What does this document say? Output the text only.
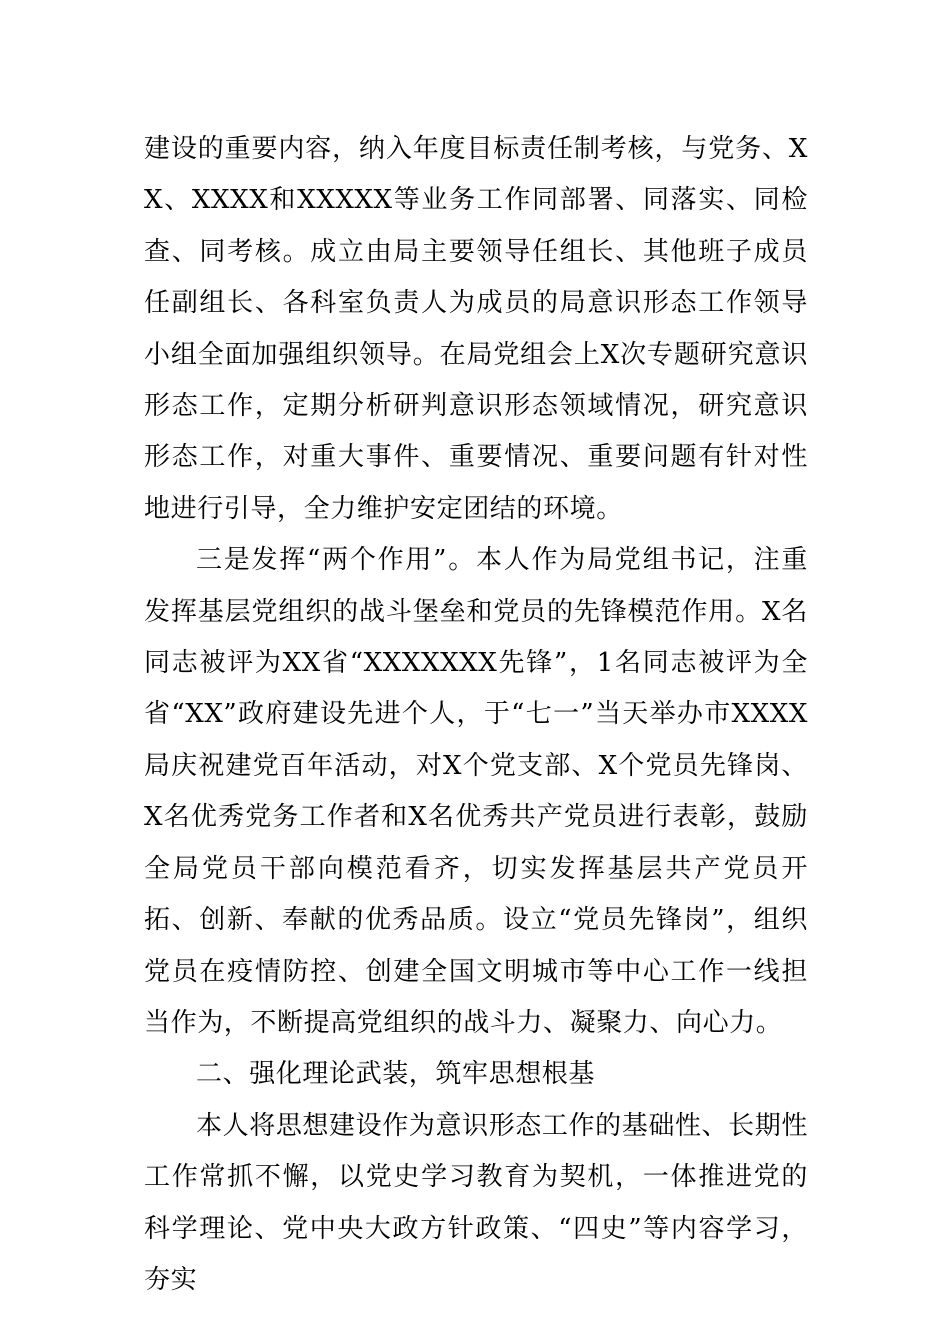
建设的重要内容，纳入年度目标责任制考核，与党务、XX、XXXX和XXXXX等业务工作同部署、同落实、同检查、同考核。成立由局主要领导任组长、其他班子成员任副组长、各科室负责人为成员的局意识形态工作领导小组全面加强组织领导。在局党组会上X次专题研究意识形态工作，定期分析研判意识形态领域情况，研究意识形态工作，对重大事件、重要情况、重要问题有针对性地进行引导，全力维护安定团结的环境。

三是发挥“两个作用”。本人作为局党组书记，注重发挥基层党组织的战斗堡垒和党员的先锋模范作用。X名同志被评为XX省“XXXXXXX先锋”，1名同志被评为全省“XX”政府建设先进个人，于“七一”当天举办市XXXX局庆祝建党百年活动，对X个党支部、X个党员先锋岗、X名优秀党务工作者和X名优秀共产党员进行表彰，鼓励全局党员干部向模范看齐，切实发挥基层共产党员开拓、创新、奉献的优秀品质。设立“党员先锋岗”，组织党员在疫情防控、创建全国文明城市等中心工作一线担当作为，不断提高党组织的战斗力、凝聚力、向心力。

二、强化理论武装，筑牢思想根基

本人将思想建设作为意识形态工作的基础性、长期性工作常抓不懈，以党史学习教育为契机，一体推进党的科学理论、党中央大政方针政策、“四史”等内容学习，夯实
